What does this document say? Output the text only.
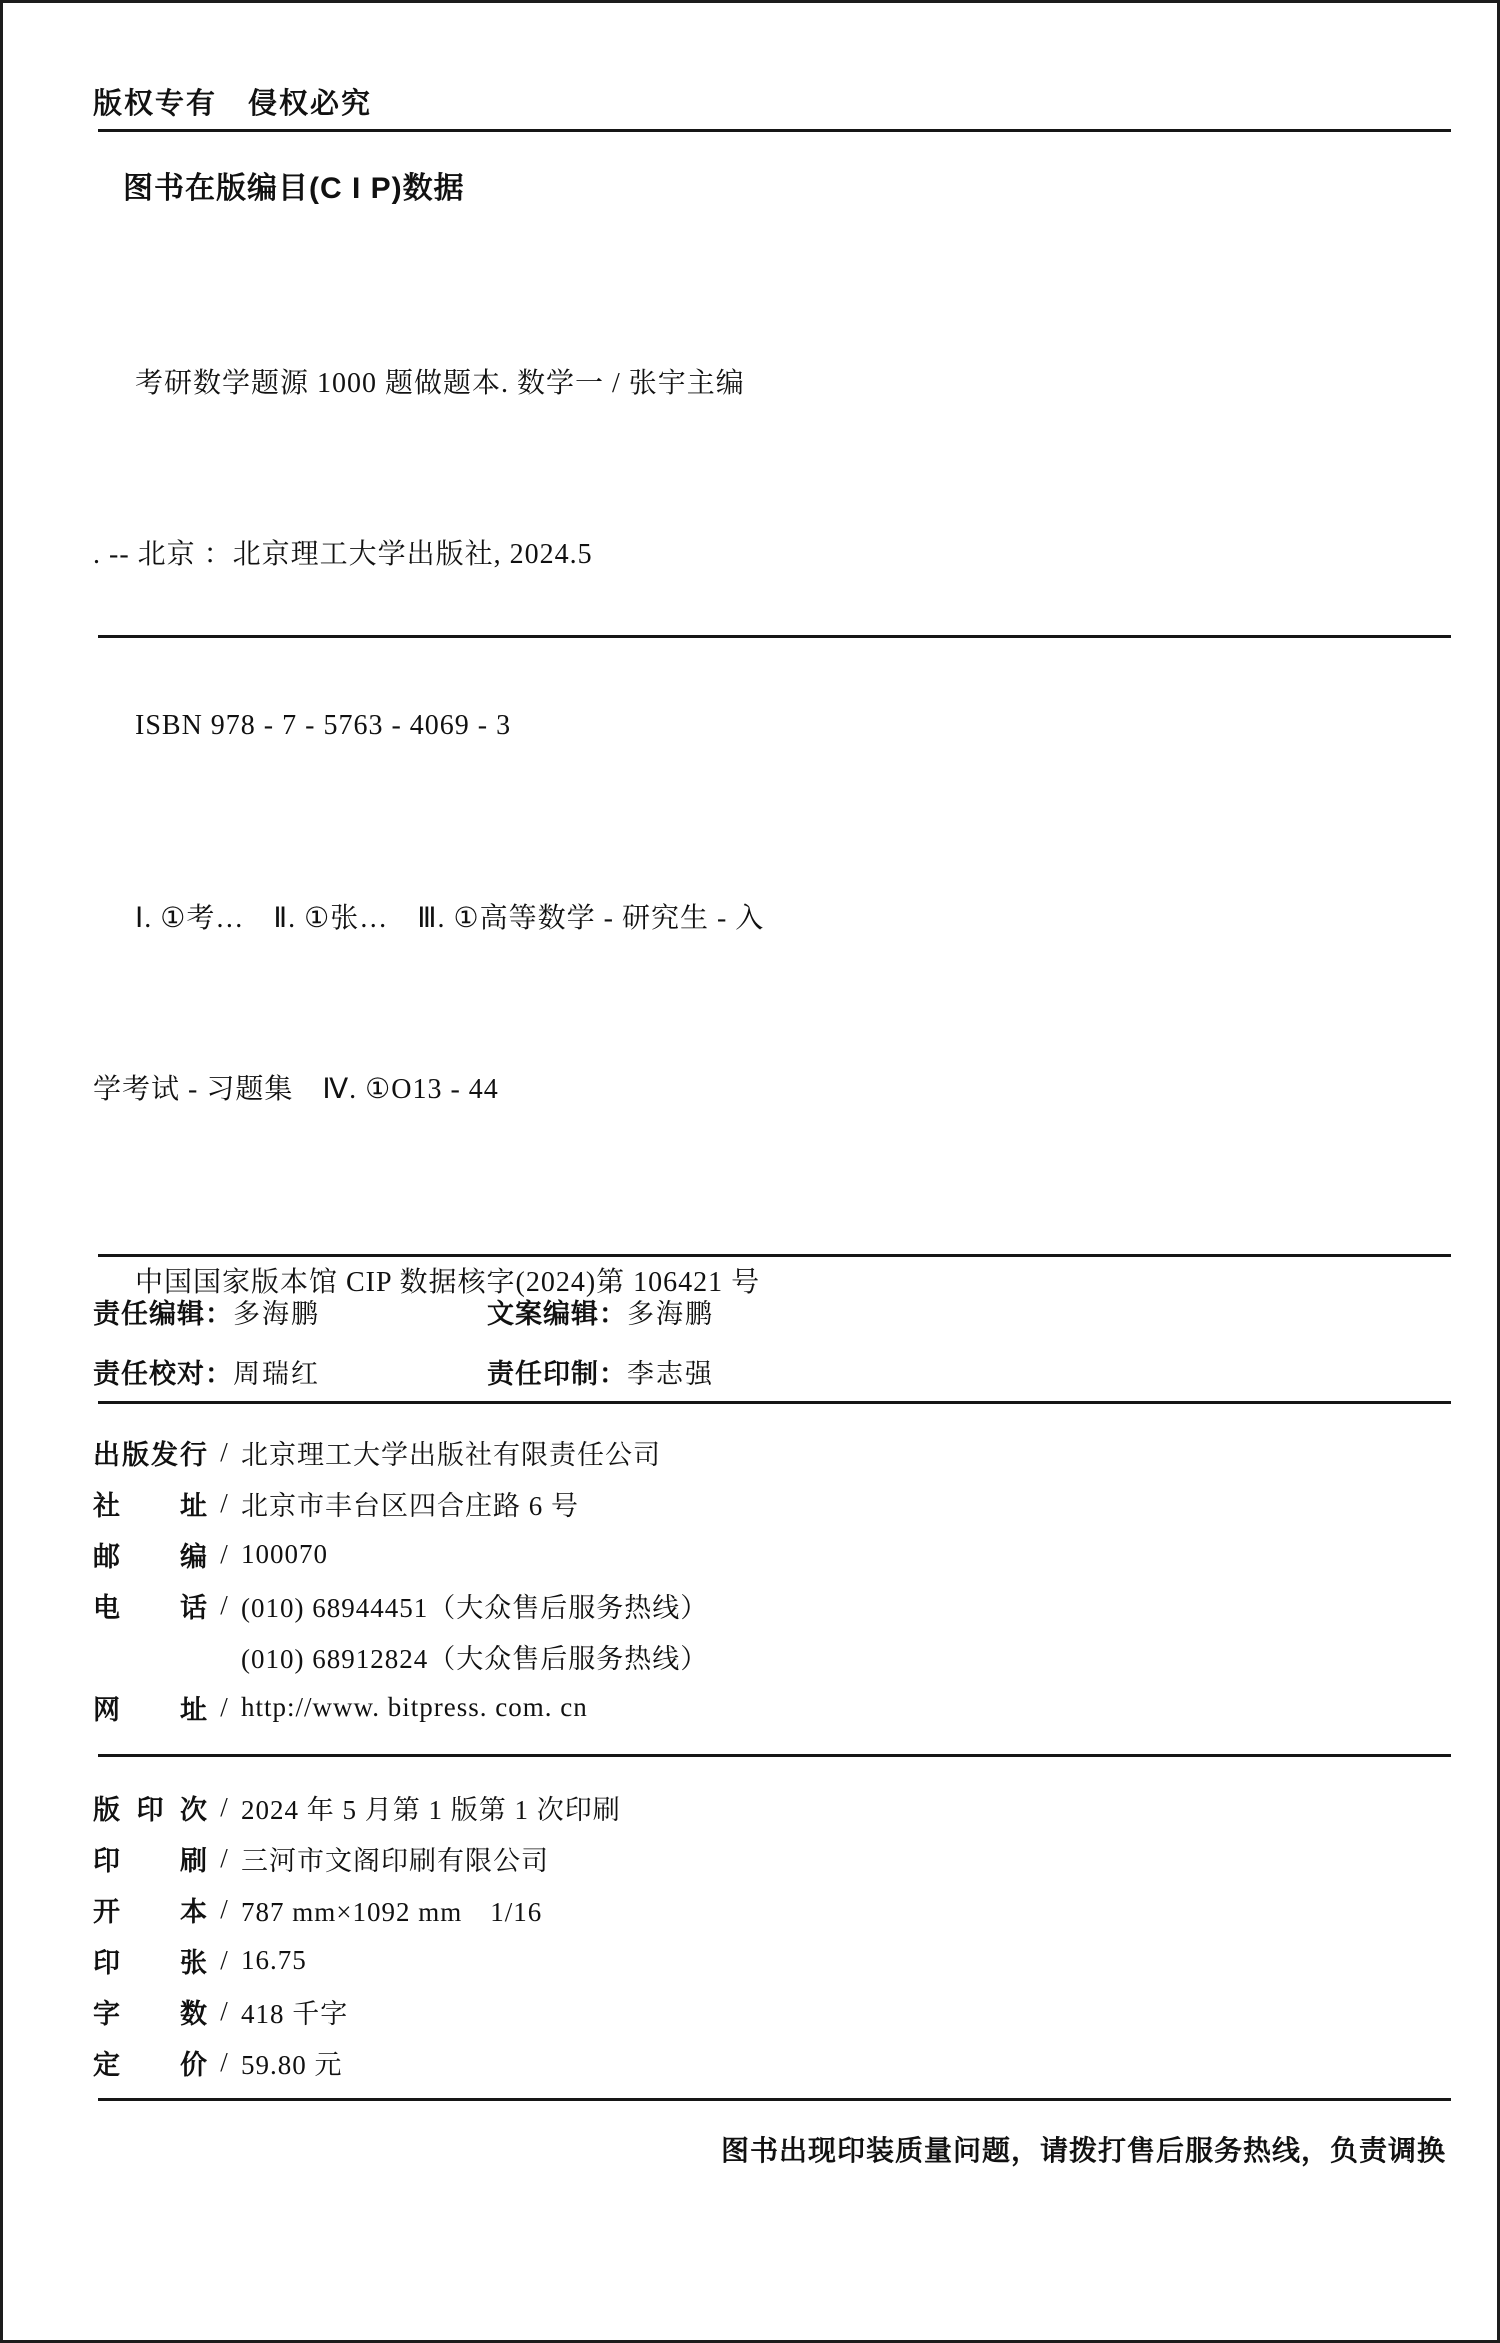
版权专有　侵权必究
图书在版编目(C I P)数据

考研数学题源 1000 题做题本. 数学一 / 张宇主编

. -- 北京 ：北京理工大学出版社, 2024.5

ISBN 978 - 7 - 5763 - 4069 - 3

Ⅰ. ①考…　Ⅱ. ①张…　Ⅲ. ①高等数学 - 研究生 - 入

学考试 - 习题集　Ⅳ. ①O13 - 44

中国国家版本馆 CIP 数据核字(2024)第 106421 号

责任编辑：多海鹏	文案编辑：多海鹏
责任校对：周瑞红	责任印制：李志强
出版发行 / 北京理工大学出版社有限责任公司
社　址 / 北京市丰台区四合庄路 6 号
邮　编 / 100070
电　话 / (010) 68944451（大众售后服务热线）
(010) 68912824（大众售后服务热线）
网　址 / http://www. bitpress. com. cn
版 印 次 / 2024 年 5 月第 1 版第 1 次印刷
印　刷 / 三河市文阁印刷有限公司
开　本 / 787 mm×1092 mm　1/16
印　张 / 16.75
字　数 / 418 千字
定　价 / 59.80 元
图书出现印装质量问题，请拨打售后服务热线，负责调换
